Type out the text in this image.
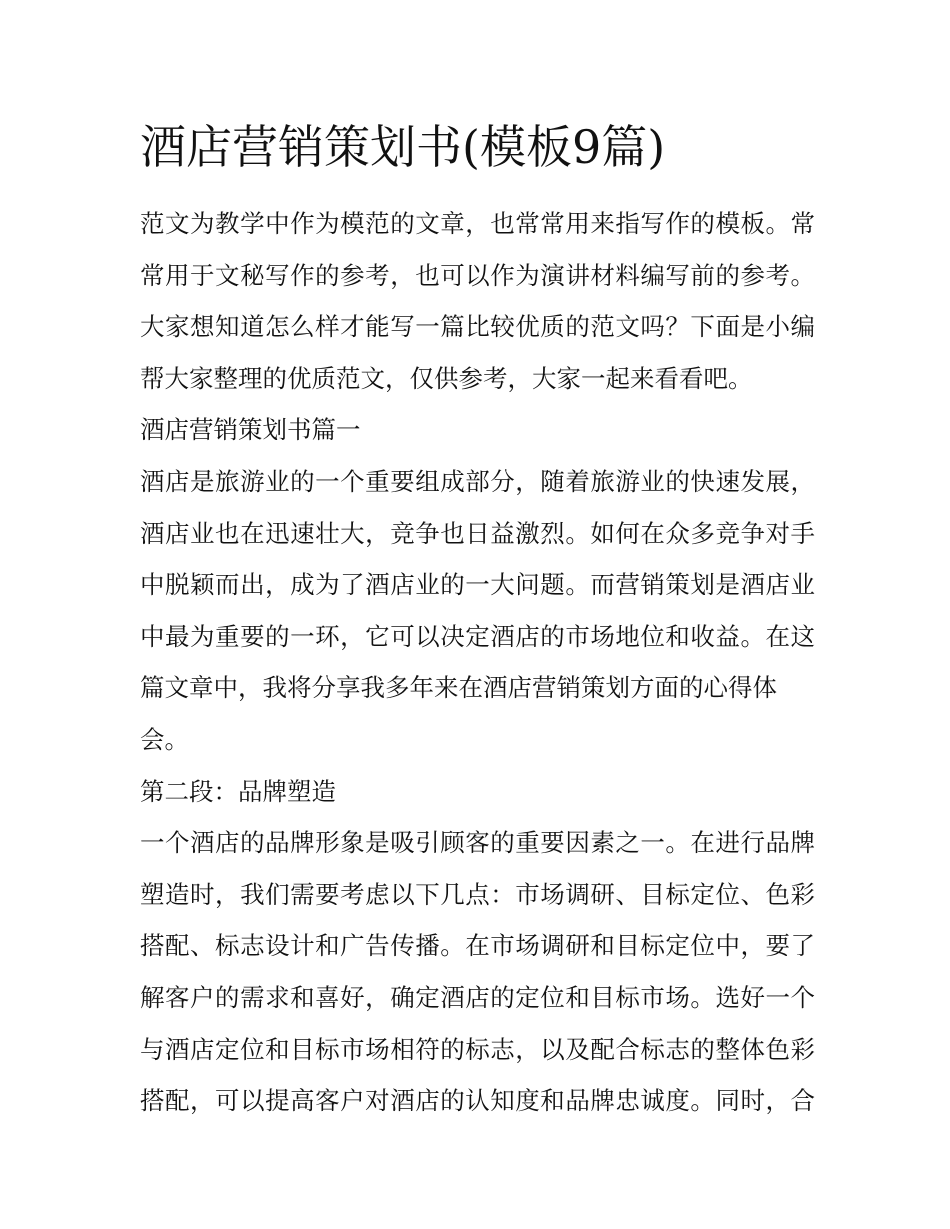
酒店营销策划书(模板9篇)
范文为教学中作为模范的文章，也常常用来指写作的模板。常
常用于文秘写作的参考，也可以作为演讲材料编写前的参考。
大家想知道怎么样才能写一篇比较优质的范文吗？下面是小编
帮大家整理的优质范文，仅供参考，大家一起来看看吧。
酒店营销策划书篇一
酒店是旅游业的一个重要组成部分，随着旅游业的快速发展，
酒店业也在迅速壮大，竞争也日益激烈。如何在众多竞争对手
中脱颖而出，成为了酒店业的一大问题。而营销策划是酒店业
中最为重要的一环，它可以决定酒店的市场地位和收益。在这
篇文章中，我将分享我多年来在酒店营销策划方面的心得体
会。
第二段：品牌塑造
一个酒店的品牌形象是吸引顾客的重要因素之一。在进行品牌
塑造时，我们需要考虑以下几点：市场调研、目标定位、色彩
搭配、标志设计和广告传播。在市场调研和目标定位中，要了
解客户的需求和喜好，确定酒店的定位和目标市场。选好一个
与酒店定位和目标市场相符的标志，以及配合标志的整体色彩
搭配，可以提高客户对酒店的认知度和品牌忠诚度。同时，合
